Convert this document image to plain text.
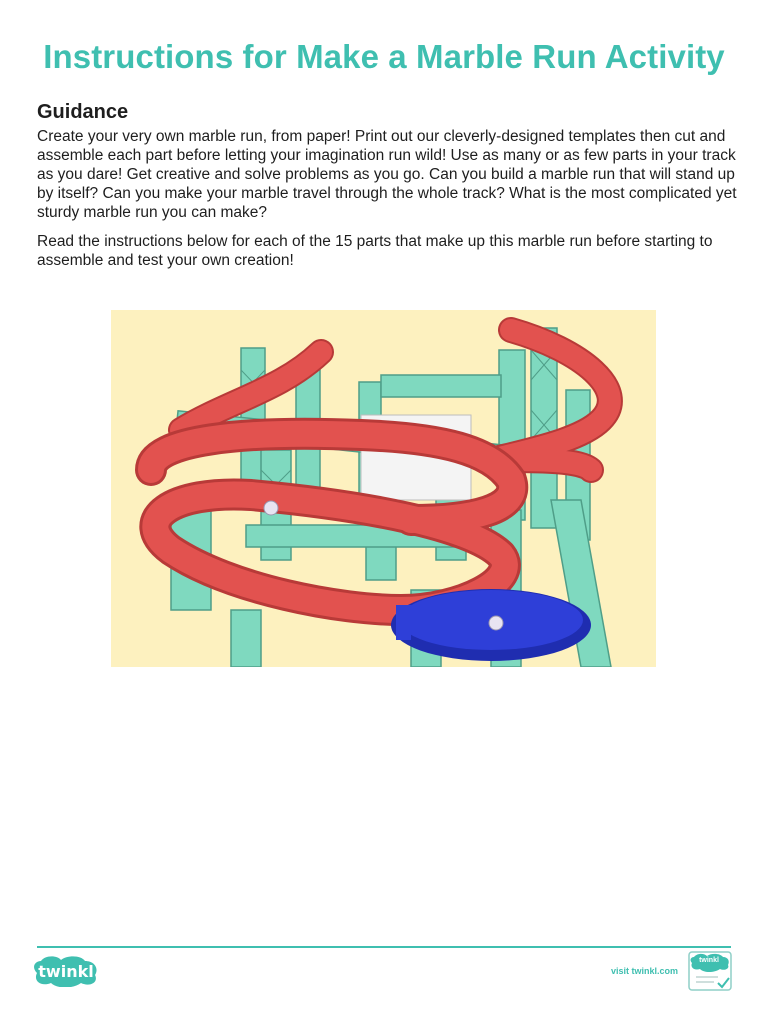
Instructions for Make a Marble Run Activity
Guidance
Create your very own marble run, from paper! Print out our cleverly-designed templates then cut and assemble each part before letting your imagination run wild! Use as many or as few parts in your track as you dare! Get creative and solve problems as you go. Can you build a marble run that will stand up by itself? Can you make your marble travel through the whole track? What is the most complicated yet sturdy marble run you can make?
Read the instructions below for each of the 15 parts that make up this marble run before starting to assemble and test your own creation!
twinkl	visit twinkl.com
twinkl
